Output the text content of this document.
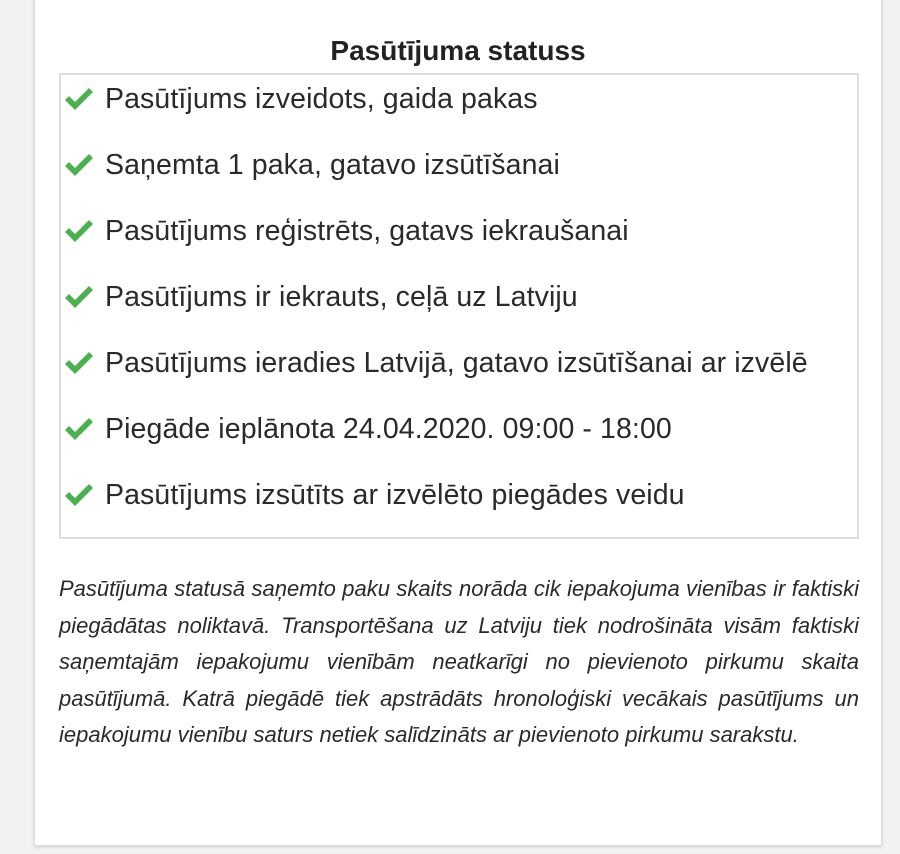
Pasūtījuma statuss
Pasūtījums izveidots, gaida pakas
Saņemta 1 paka, gatavo izsūtīšanai
Pasūtījums reģistrēts, gatavs iekraušanai
Pasūtījums ir iekrauts, ceļā uz Latviju
Pasūtījums ieradies Latvijā, gatavo izsūtīšanai ar izvēlē
Piegāde ieplānota 24.04.2020. 09:00 - 18:00
Pasūtījums izsūtīts ar izvēlēto piegādes veidu
Pasūtījuma statusā saņemto paku skaits norāda cik iepakojuma vienības ir faktiski piegādātas noliktavā. Transportēšana uz Latviju tiek nodrošināta visām faktiski saņemtajām iepakojumu vienībām neatkarīgi no pievienoto pirkumu skaita pasūtījumā. Katrā piegādē tiek apstrādāts hronoloģiski vecākais pasūtījums un iepakojumu vienību saturs netiek salīdzināts ar pievienoto pirkumu sarakstu.
